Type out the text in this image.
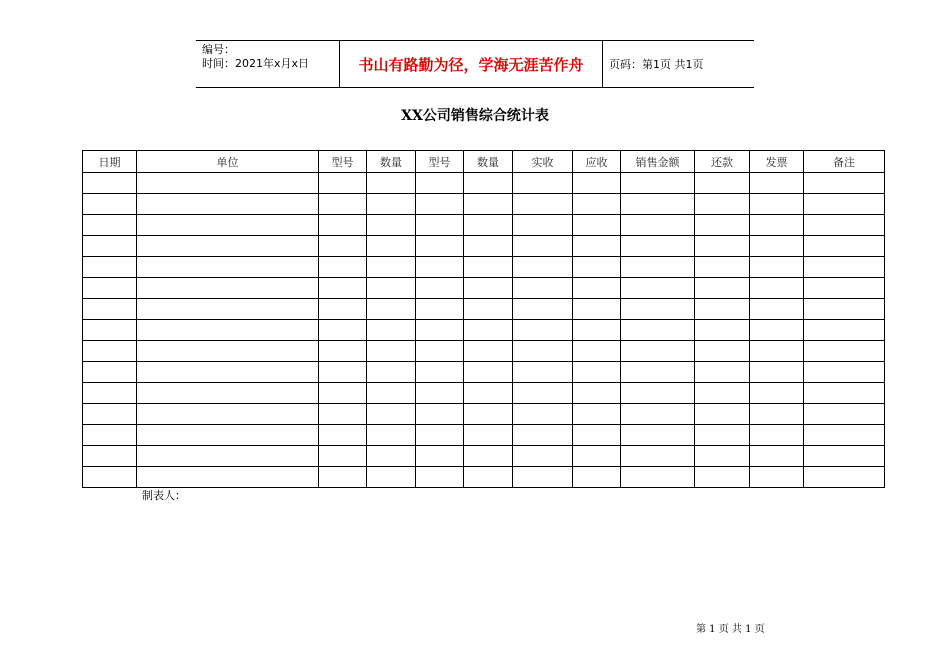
编号：
时间：2021年x月x日	书山有路勤为径，学海无涯苦作舟	页码：第1页 共1页
XX公司销售综合统计表
日期	单位	型号	数量	型号	数量	实收	应收	销售金额	还款	发票	备注

制表人：
第 1 页 共 1 页
